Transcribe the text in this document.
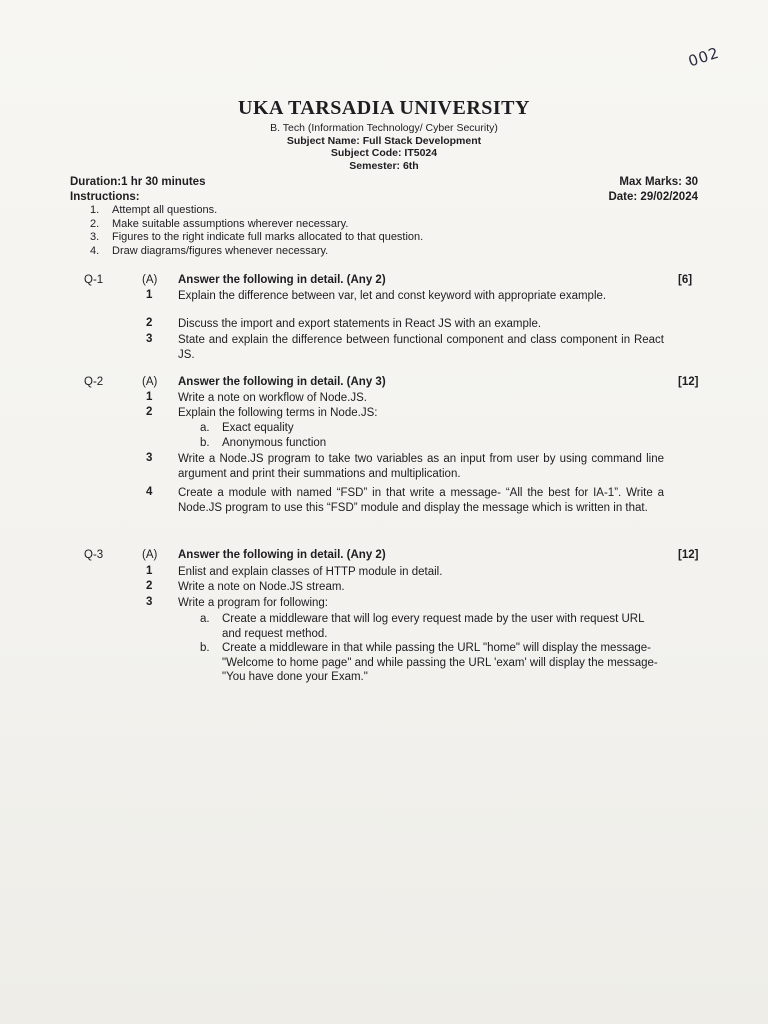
002
UKA TARSADIA UNIVERSITY
B. Tech (Information Technology/ Cyber Security)
Subject Name: Full Stack Development
Subject Code: IT5024
Semester: 6th
Duration:1 hr 30 minutes
Instructions:
Max Marks: 30
Date: 29/02/2024
1. Attempt all questions.
2. Make suitable assumptions wherever necessary.
3. Figures to the right indicate full marks allocated to that question.
4. Draw diagrams/figures whenever necessary.
Q-1	(A) Answer the following in detail. (Any 2)	[6]
1 Explain the difference between var, let and const keyword with appropriate example.
2 Discuss the import and export statements in React JS with an example.
3 State and explain the difference between functional component and class component in React JS.
Q-2	(A) Answer the following in detail. (Any 3)	[12]
1 Write a note on workflow of Node.JS.
2 Explain the following terms in Node.JS:
a. Exact equality
b. Anonymous function
3 Write a Node.JS program to take two variables as an input from user by using command line argument and print their summations and multiplication.
4 Create a module with named “FSD” in that write a message- “All the best for IA-1”. Write a Node.JS program to use this “FSD” module and display the message which is written in that.
Q-3	(A) Answer the following in detail. (Any 2)	[12]
1 Enlist and explain classes of HTTP module in detail.
2 Write a note on Node.JS stream.
3 Write a program for following:
a. Create a middleware that will log every request made by the user with request URL and request method.
b. Create a middleware in that while passing the URL "home" will display the message- "Welcome to home page" and while passing the URL 'exam' will display the message- "You have done your Exam."
